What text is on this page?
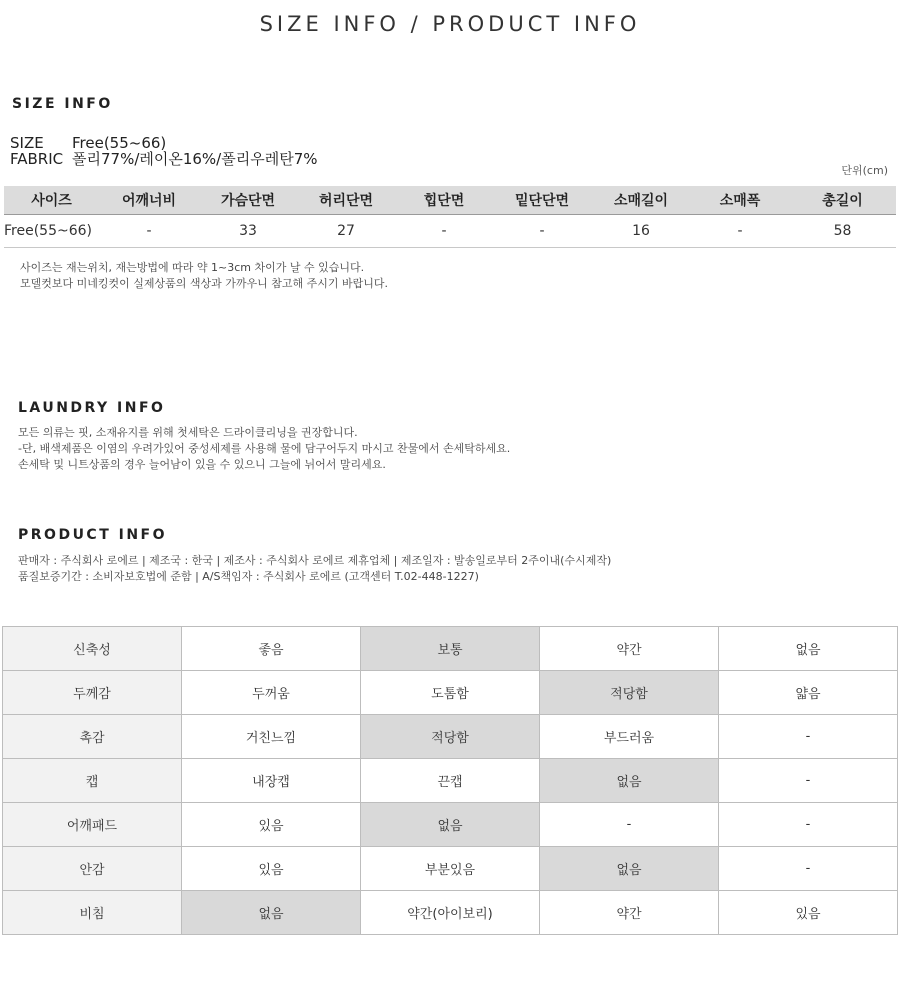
SIZE INFO / PRODUCT INFO
SIZE INFO
SIZE Free(55~66)
FABRIC 폴리77%/레이온16%/폴리우레탄7%
단위(cm)
사이즈	어깨너비	가슴단면	허리단면	힙단면	밑단단면	소매길이	소매폭	총길이
Free(55~66)	-	33	27	-	-	16	-	58
사이즈는 재는위치, 재는방법에 따라 약 1~3cm 차이가 날 수 있습니다.
모델컷보다 미네킹컷이 실제상품의 색상과 가까우니 참고해 주시기 바랍니다.
LAUNDRY INFO
모든 의류는 핏, 소재유지를 위해 첫세탁은 드라이클리닝을 권장합니다.
-단, 배색제품은 이염의 우려가있어 중성세제를 사용해 물에 담구어두지 마시고 찬물에서 손세탁하세요.
손세탁 및 니트상품의 경우 늘어남이 있을 수 있으니 그늘에 뉘어서 말리세요.
PRODUCT INFO
판매자 : 주식회사 로에르 | 제조국 : 한국 | 제조사 : 주식회사 로에르 제휴업체 | 제조일자 : 발송일로부터 2주이내(수시제작)
품질보증기간 : 소비자보호법에 준함 | A/S책임자 : 주식회사 로에르 (고객센터 T.02-448-1227)
신축성	좋음	보통	약간	없음
두께감	두꺼움	도톰함	적당함	얇음
촉감	거친느낌	적당함	부드러움	-
캡	내장캡	끈캡	없음	-
어깨패드	있음	없음	-	-
안감	있음	부분있음	없음	-
비침	없음	약간(아이보리)	약간	있음
